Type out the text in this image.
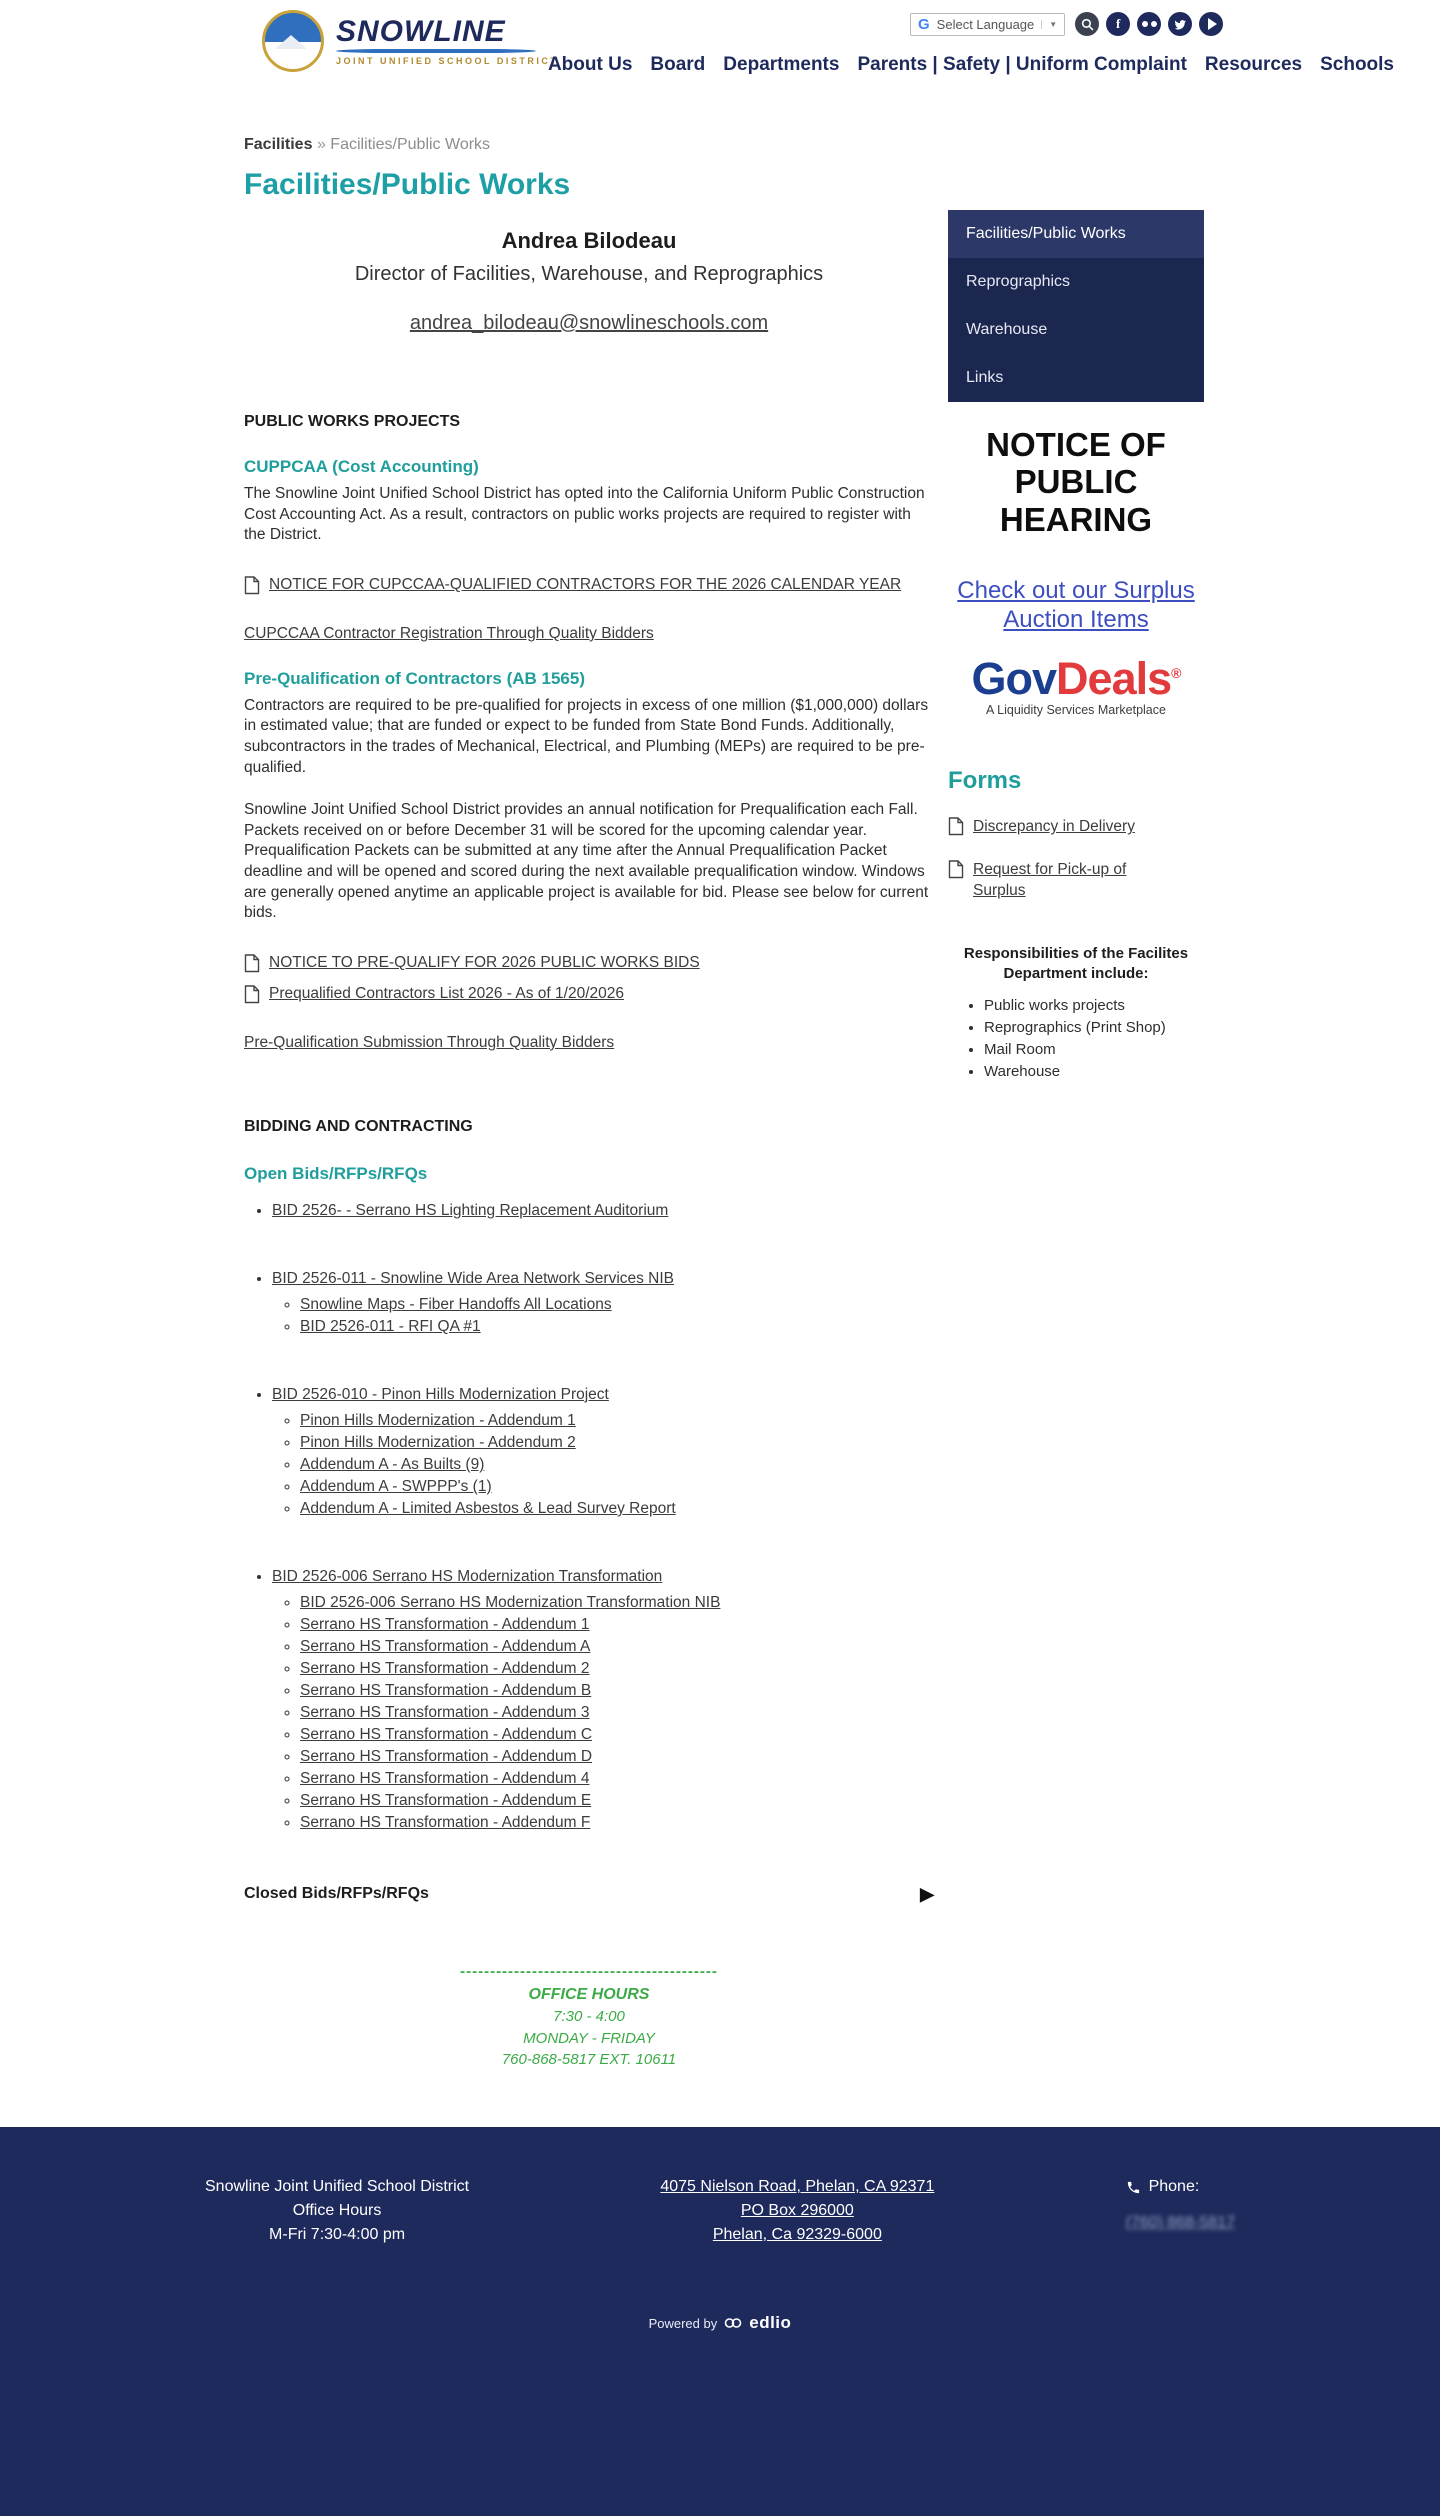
SNOWLINE
JOINT UNIFIED SCHOOL DISTRICT
G Select Language	▼	f
About Us Board Departments Parents | Safety | Uniform Complaint Resources Schools
Facilities » Facilities/Public Works
Facilities/Public Works
Andrea Bilodeau
Director of Facilities, Warehouse, and Reprographics
andrea_bilodeau@snowlineschools.com
PUBLIC WORKS PROJECTS
CUPPCAA (Cost Accounting)

The Snowline Joint Unified School District has opted into the California Uniform Public Construction Cost Accounting Act. As a result, contractors on public works projects are required to register with the District.

NOTICE FOR CUPCCAA-QUALIFIED CONTRACTORS FOR THE 2026 CALENDAR YEAR
CUPCCAA Contractor Registration Through Quality Bidders
Pre-Qualification of Contractors (AB 1565)

Contractors are required to be pre-qualified for projects in excess of one million ($1,000,000) dollars in estimated value; that are funded or expect to be funded from State Bond Funds. Additionally, subcontractors in the trades of Mechanical, Electrical, and Plumbing (MEPs) are required to be pre-qualified.

Snowline Joint Unified School District provides an annual notification for Prequalification each Fall. Packets received on or before December 31 will be scored for the upcoming calendar year. Prequalification Packets can be submitted at any time after the Annual Prequalification Packet deadline and will be opened and scored during the next available prequalification window. Windows are generally opened anytime an applicable project is available for bid. Please see below for current bids.

NOTICE TO PRE-QUALIFY FOR 2026 PUBLIC WORKS BIDS
Prequalified Contractors List 2026 - As of 1/20/2026
Pre-Qualification Submission Through Quality Bidders
BIDDING AND CONTRACTING
Open Bids/RFPs/RFQs
• BID 2526- - Serrano HS Lighting Replacement Auditorium
• BID 2526-011 - Snowline Wide Area Network Services NIB
◦ Snowline Maps - Fiber Handoffs All Locations
◦ BID 2526-011 - RFI QA #1
• BID 2526-010 - Pinon Hills Modernization Project
◦ Pinon Hills Modernization - Addendum 1
◦ Pinon Hills Modernization - Addendum 2
◦ Addendum A - As Builts (9)
◦ Addendum A - SWPPP's (1)
◦ Addendum A - Limited Asbestos & Lead Survey Report
• BID 2526-006 Serrano HS Modernization Transformation
◦ BID 2526-006 Serrano HS Modernization Transformation NIB
◦ Serrano HS Transformation - Addendum 1
◦ Serrano HS Transformation - Addendum A
◦ Serrano HS Transformation - Addendum 2
◦ Serrano HS Transformation - Addendum B
◦ Serrano HS Transformation - Addendum 3
◦ Serrano HS Transformation - Addendum C
◦ Serrano HS Transformation - Addendum D
◦ Serrano HS Transformation - Addendum 4
◦ Serrano HS Transformation - Addendum E
◦ Serrano HS Transformation - Addendum F
Closed Bids/RFPs/RFQs	▶
-------------------------------------------
OFFICE HOURS
7:30 - 4:00
MONDAY - FRIDAY
760-868-5817 EXT. 10611
Facilities/Public Works
Reprographics
Warehouse
Links
NOTICE OF
PUBLIC
HEARING
Check out our Surplus Auction Items
GovDeals®
A Liquidity Services Marketplace
Forms
Discrepancy in Delivery
Request for Pick-up of Surplus
Responsibilities of the Facilites Department include:
• Public works projects
• Reprographics (Print Shop)
• Mail Room
• Warehouse
Snowline Joint Unified School District
Office Hours
M-Fri 7:30-4:00 pm
4075 Nielson Road, Phelan, CA 92371
PO Box 296000
Phelan, Ca 92329-6000
Phone:
(760) 868-5817
Powered by edlio
